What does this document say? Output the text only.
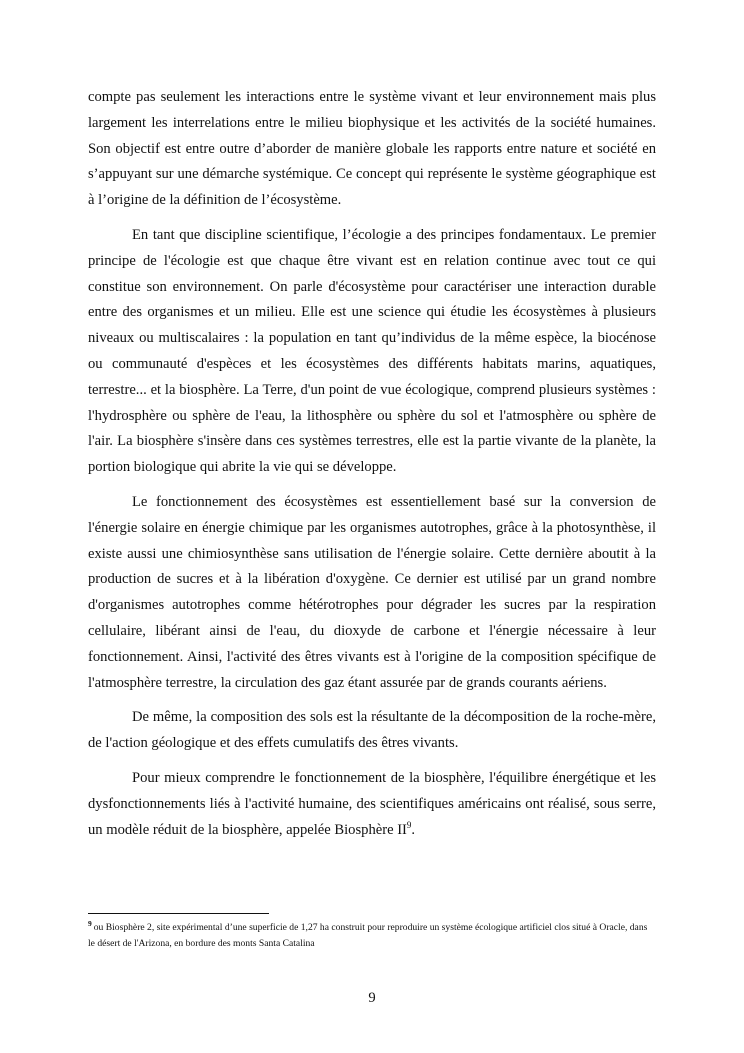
compte pas seulement les interactions entre le système vivant et leur environnement mais plus largement les interrelations entre le milieu biophysique et les activités de la société humaines. Son objectif est entre outre d’aborder de manière globale les rapports entre nature et société en s’appuyant sur une démarche systémique. Ce concept qui représente le système géographique est à l’origine de la définition de l’écosystème.

En tant que discipline scientifique, l’écologie a des principes fondamentaux. Le premier principe de l'écologie est que chaque être vivant est en relation continue avec tout ce qui constitue son environnement. On parle d'écosystème pour caractériser une interaction durable entre des organismes et un milieu. Elle est une science qui étudie les écosystèmes à plusieurs niveaux ou multiscalaires : la population en tant qu’individus de la même espèce, la biocénose ou communauté d'espèces et les écosystèmes des différents habitats marins, aquatiques, terrestre... et la biosphère. La Terre, d'un point de vue écologique, comprend plusieurs systèmes : l'hydrosphère ou sphère de l'eau, la lithosphère ou sphère du sol et l'atmosphère ou sphère de l'air. La biosphère s'insère dans ces systèmes terrestres, elle est la partie vivante de la planète, la portion biologique qui abrite la vie qui se développe.

Le fonctionnement des écosystèmes est essentiellement basé sur la conversion de l'énergie solaire en énergie chimique par les organismes autotrophes, grâce à la photosynthèse, il existe aussi une chimiosynthèse sans utilisation de l'énergie solaire. Cette dernière aboutit à la production de sucres et à la libération d'oxygène. Ce dernier est utilisé par un grand nombre d'organismes autotrophes comme hétérotrophes pour dégrader les sucres par la respiration cellulaire, libérant ainsi de l'eau, du dioxyde de carbone et l'énergie nécessaire à leur fonctionnement. Ainsi, l'activité des êtres vivants est à l'origine de la composition spécifique de l'atmosphère terrestre, la circulation des gaz étant assurée par de grands courants aériens.

De même, la composition des sols est la résultante de la décomposition de la roche-mère, de l'action géologique et des effets cumulatifs des êtres vivants.

Pour mieux comprendre le fonctionnement de la biosphère, l'équilibre énergétique et les dysfonctionnements liés à l'activité humaine, des scientifiques américains ont réalisé, sous serre, un modèle réduit de la biosphère, appelée Biosphère $II^9$.

$^9$ ou Biosphère 2, site expérimental d’une superficie de 1,27 ha construit pour reproduire un système écologique artificiel clos situé à Oracle, dans le désert de l'Arizona, en bordure des monts Santa Catalina
9
